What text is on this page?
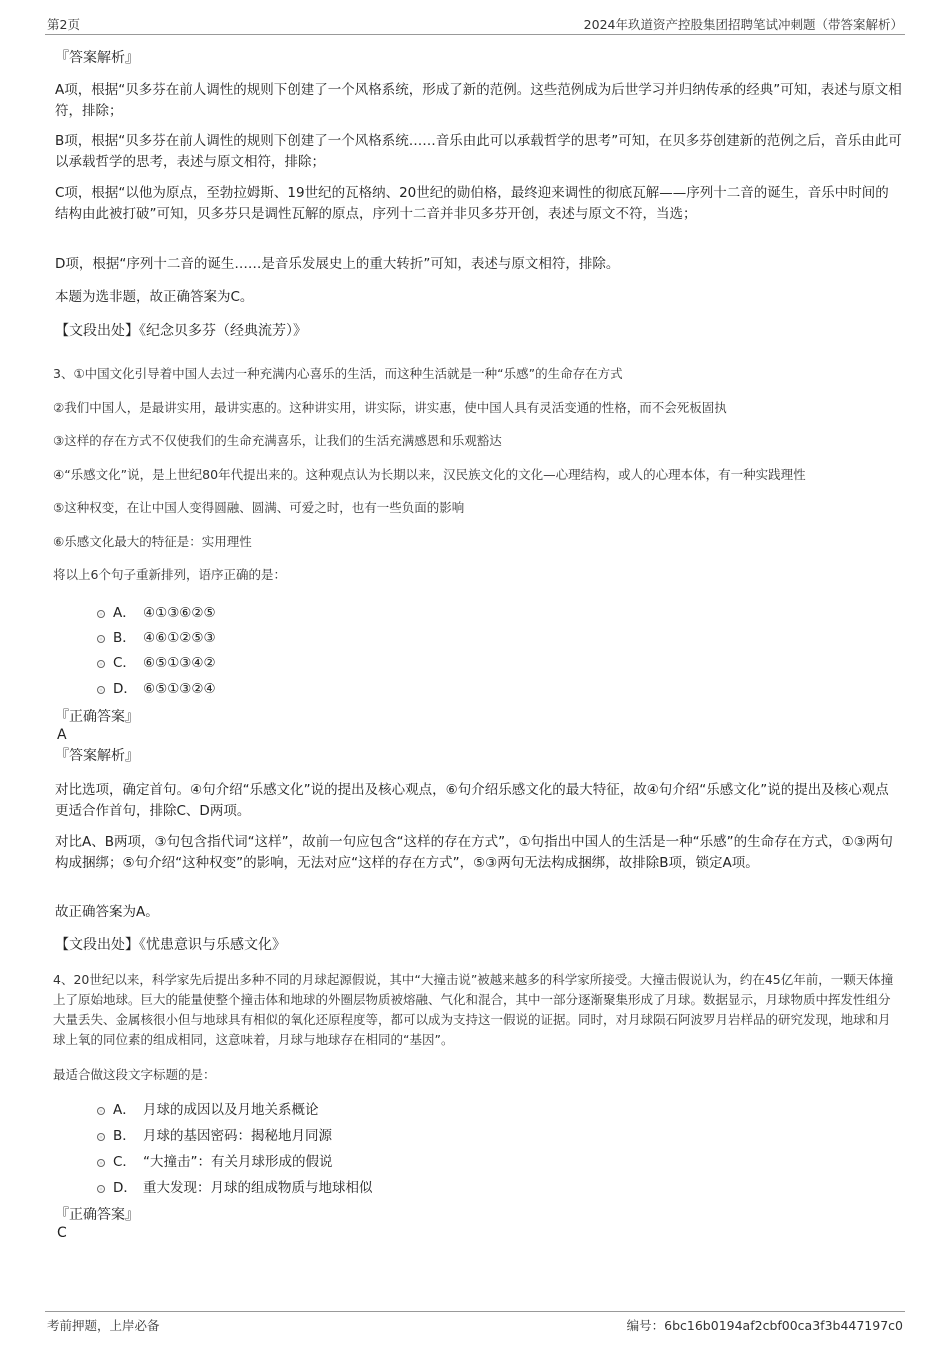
第2页	2024年玖道资产控股集团招聘笔试冲刺题（带答案解析）
『答案解析』
A项，根据“贝多芬在前人调性的规则下创建了一个风格系统，形成了新的范例。这些范例成为后世学习并归纳传承的经典”可知，表述与原文相符，排除；
B项，根据“贝多芬在前人调性的规则下创建了一个风格系统……音乐由此可以承载哲学的思考”可知，在贝多芬创建新的范例之后，音乐由此可以承载哲学的思考，表述与原文相符，排除；
C项，根据“以他为原点，至勃拉姆斯、19世纪的瓦格纳、20世纪的勋伯格，最终迎来调性的彻底瓦解——序列十二音的诞生，音乐中时间的结构由此被打破”可知，贝多芬只是调性瓦解的原点，序列十二音并非贝多芬开创，表述与原文不符，当选；
D项，根据“序列十二音的诞生……是音乐发展史上的重大转折”可知，表述与原文相符，排除。
本题为选非题，故正确答案为C。
【文段出处】《纪念贝多芬（经典流芳）》
3、①中国文化引导着中国人去过一种充满内心喜乐的生活，而这种生活就是一种“乐感”的生命存在方式
②我们中国人，是最讲实用，最讲实惠的。这种讲实用，讲实际，讲实惠，使中国人具有灵活变通的性格，而不会死板固执
③这样的存在方式不仅使我们的生命充满喜乐，让我们的生活充满感恩和乐观豁达
④“乐感文化”说，是上世纪80年代提出来的。这种观点认为长期以来，汉民族文化的文化—心理结构，或人的心理本体，有一种实践理性
⑤这种权变，在让中国人变得圆融、圆满、可爱之时，也有一些负面的影响
⑥乐感文化最大的特征是：实用理性
将以上6个句子重新排列，语序正确的是：
A． ④①③⑥②⑤
B． ④⑥①②⑤③
C． ⑥⑤①③④②
D． ⑥⑤①③②④
『正确答案』
A
『答案解析』
对比选项，确定首句。④句介绍“乐感文化”说的提出及核心观点，⑥句介绍乐感文化的最大特征，故④句介绍“乐感文化”说的提出及核心观点更适合作首句，排除C、D两项。
对比A、B两项，③句包含指代词“这样”，故前一句应包含“这样的存在方式”，①句指出中国人的生活是一种“乐感”的生命存在方式，①③两句构成捆绑；⑤句介绍“这种权变”的影响，无法对应“这样的存在方式”，⑤③两句无法构成捆绑，故排除B项，锁定A项。
故正确答案为A。
【文段出处】《忧患意识与乐感文化》
4、20世纪以来，科学家先后提出多种不同的月球起源假说，其中“大撞击说”被越来越多的科学家所接受。大撞击假说认为，约在45亿年前，一颗天体撞上了原始地球。巨大的能量使整个撞击体和地球的外圈层物质被熔融、气化和混合，其中一部分逐渐聚集形成了月球。数据显示，月球物质中挥发性组分大量丢失、金属核很小但与地球具有相似的氧化还原程度等，都可以成为支持这一假说的证据。同时，对月球陨石阿波罗月岩样品的研究发现，地球和月球上氧的同位素的组成相同，这意味着，月球与地球存在相同的“基因”。
最适合做这段文字标题的是：
A． 月球的成因以及月地关系概论
B． 月球的基因密码：揭秘地月同源
C． “大撞击”：有关月球形成的假说
D． 重大发现：月球的组成物质与地球相似
『正确答案』
C
考前押题，上岸必备	编号：6bc16b0194af2cbf00ca3f3b447197c0
